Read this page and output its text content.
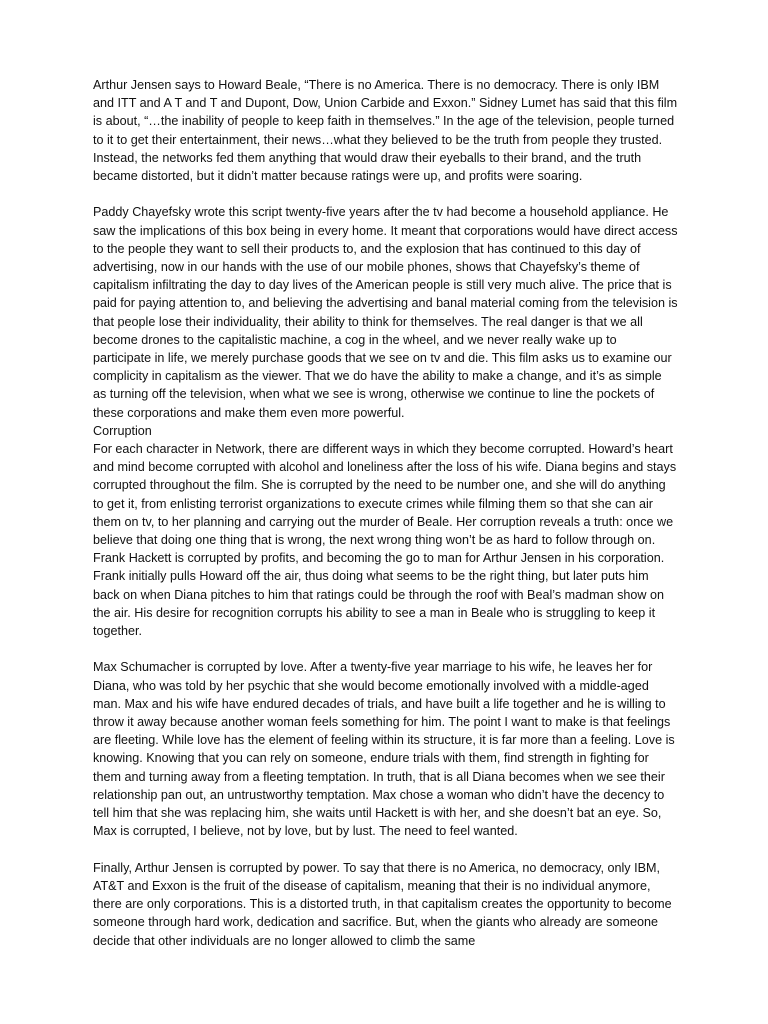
Arthur Jensen says to Howard Beale, “There is no America. There is no democracy. There is only IBM and ITT and A T and T and Dupont, Dow, Union Carbide and Exxon.” Sidney Lumet has said that this film is about, “…the inability of people to keep faith in themselves.” In the age of the television, people turned to it to get their entertainment, their news…what they believed to be the truth from people they trusted. Instead, the networks fed them anything that would draw their eyeballs to their brand, and the truth became distorted, but it didn’t matter because ratings were up, and profits were soaring.

Paddy Chayefsky wrote this script twenty-five years after the tv had become a household appliance. He saw the implications of this box being in every home. It meant that corporations would have direct access to the people they want to sell their products to, and the explosion that has continued to this day of advertising, now in our hands with the use of our mobile phones, shows that Chayefsky’s theme of capitalism infiltrating the day to day lives of the American people is still very much alive. The price that is paid for paying attention to, and believing the advertising and banal material coming from the television is that people lose their individuality, their ability to think for themselves. The real danger is that we all become drones to the capitalistic machine, a cog in the wheel, and we never really wake up to participate in life, we merely purchase goods that we see on tv and die. This film asks us to examine our complicity in capitalism as the viewer. That we do have the ability to make a change, and it’s as simple as turning off the television, when what we see is wrong, otherwise we continue to line the pockets of these corporations and make them even more powerful.

Corruption

For each character in Network, there are different ways in which they become corrupted. Howard’s heart and mind become corrupted with alcohol and loneliness after the loss of his wife. Diana begins and stays corrupted throughout the film. She is corrupted by the need to be number one, and she will do anything to get it, from enlisting terrorist organizations to execute crimes while filming them so that she can air them on tv, to her planning and carrying out the murder of Beale. Her corruption reveals a truth: once we believe that doing one thing that is wrong, the next wrong thing won’t be as hard to follow through on. Frank Hackett is corrupted by profits, and becoming the go to man for Arthur Jensen in his corporation. Frank initially pulls Howard off the air, thus doing what seems to be the right thing, but later puts him back on when Diana pitches to him that ratings could be through the roof with Beal’s madman show on the air. His desire for recognition corrupts his ability to see a man in Beale who is struggling to keep it together.

Max Schumacher is corrupted by love. After a twenty-five year marriage to his wife, he leaves her for Diana, who was told by her psychic that she would become emotionally involved with a middle-aged man. Max and his wife have endured decades of trials, and have built a life together and he is willing to throw it away because another woman feels something for him. The point I want to make is that feelings are fleeting. While love has the element of feeling within its structure, it is far more than a feeling. Love is knowing. Knowing that you can rely on someone, endure trials with them, find strength in fighting for them and turning away from a fleeting temptation. In truth, that is all Diana becomes when we see their relationship pan out, an untrustworthy temptation. Max chose a woman who didn’t have the decency to tell him that she was replacing him, she waits until Hackett is with her, and she doesn’t bat an eye. So, Max is corrupted, I believe, not by love, but by lust. The need to feel wanted.

Finally, Arthur Jensen is corrupted by power. To say that there is no America, no democracy, only IBM, AT&T and Exxon is the fruit of the disease of capitalism, meaning that their is no individual anymore, there are only corporations. This is a distorted truth, in that capitalism creates the opportunity to become someone through hard work, dedication and sacrifice. But, when the giants who already are someone decide that other individuals are no longer allowed to climb the same
